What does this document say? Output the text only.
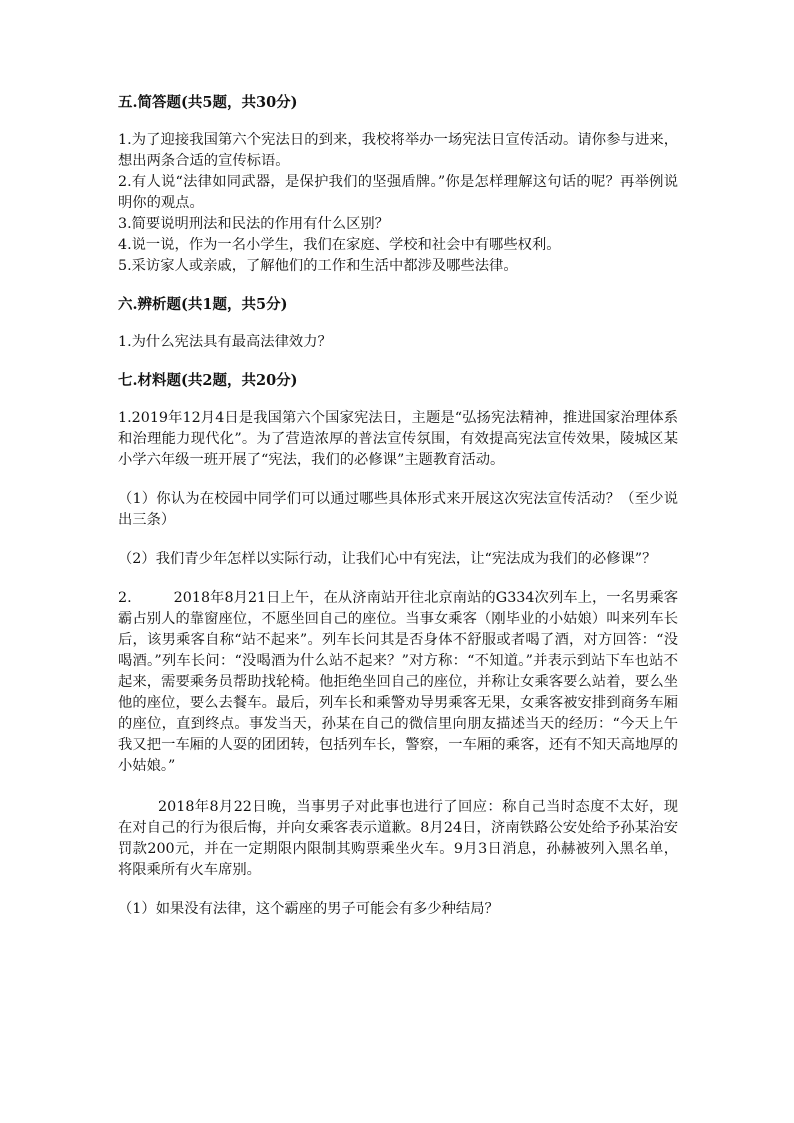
五.简答题(共5题，共30分)

1.为了迎接我国第六个宪法日的到来，我校将举办一场宪法日宣传活动。请你参与进来，想出两条合适的宣传标语。

2.有人说“法律如同武器，是保护我们的坚强盾牌。”你是怎样理解这句话的呢？再举例说明你的观点。

3.简要说明刑法和民法的作用有什么区别？

4.说一说，作为一名小学生，我们在家庭、学校和社会中有哪些权利。

5.采访家人或亲戚，了解他们的工作和生活中都涉及哪些法律。

六.辨析题(共1题，共5分)

1.为什么宪法具有最高法律效力？

七.材料题(共2题，共20分)

1.2019年12月4日是我国第六个国家宪法日，主题是“弘扬宪法精神，推进国家治理体系和治理能力现代化”。为了营造浓厚的普法宣传氛围，有效提高宪法宣传效果，陵城区某小学六年级一班开展了“宪法，我们的必修课”主题教育活动。

（1）你认为在校园中同学们可以通过哪些具体形式来开展这次宪法宣传活动？（至少说出三条）

（2）我们青少年怎样以实际行动，让我们心中有宪法，让“宪法成为我们的必修课”？

2.	2018年8月21日上午，在从济南站开往北京南站的G334次列车上，一名男乘客霸占别人的靠窗座位，不愿坐回自己的座位。当事女乘客（刚毕业的小姑娘）叫来列车长后，该男乘客自称“站不起来”。列车长问其是否身体不舒服或者喝了酒，对方回答：“没喝酒。”列车长问：“没喝酒为什么站不起来？”对方称：“不知道。”并表示到站下车也站不起来，需要乘务员帮助找轮椅。他拒绝坐回自己的座位，并称让女乘客要么站着，要么坐他的座位，要么去餐车。最后，列车长和乘警劝导男乘客无果，女乘客被安排到商务车厢的座位，直到终点。事发当天，孙某在自己的微信里向朋友描述当天的经历：“今天上午我又把一车厢的人耍的团团转，包括列车长，警察，一车厢的乘客，还有不知天高地厚的小姑娘。”

2018年8月22日晚，当事男子对此事也进行了回应：称自己当时态度不太好，现在对自己的行为很后悔，并向女乘客表示道歉。8月24日，济南铁路公安处给予孙某治安罚款200元，并在一定期限内限制其购票乘坐火车。9月3日消息，孙赫被列入黑名单，将限乘所有火车席别。

（1）如果没有法律，这个霸座的男子可能会有多少种结局？
